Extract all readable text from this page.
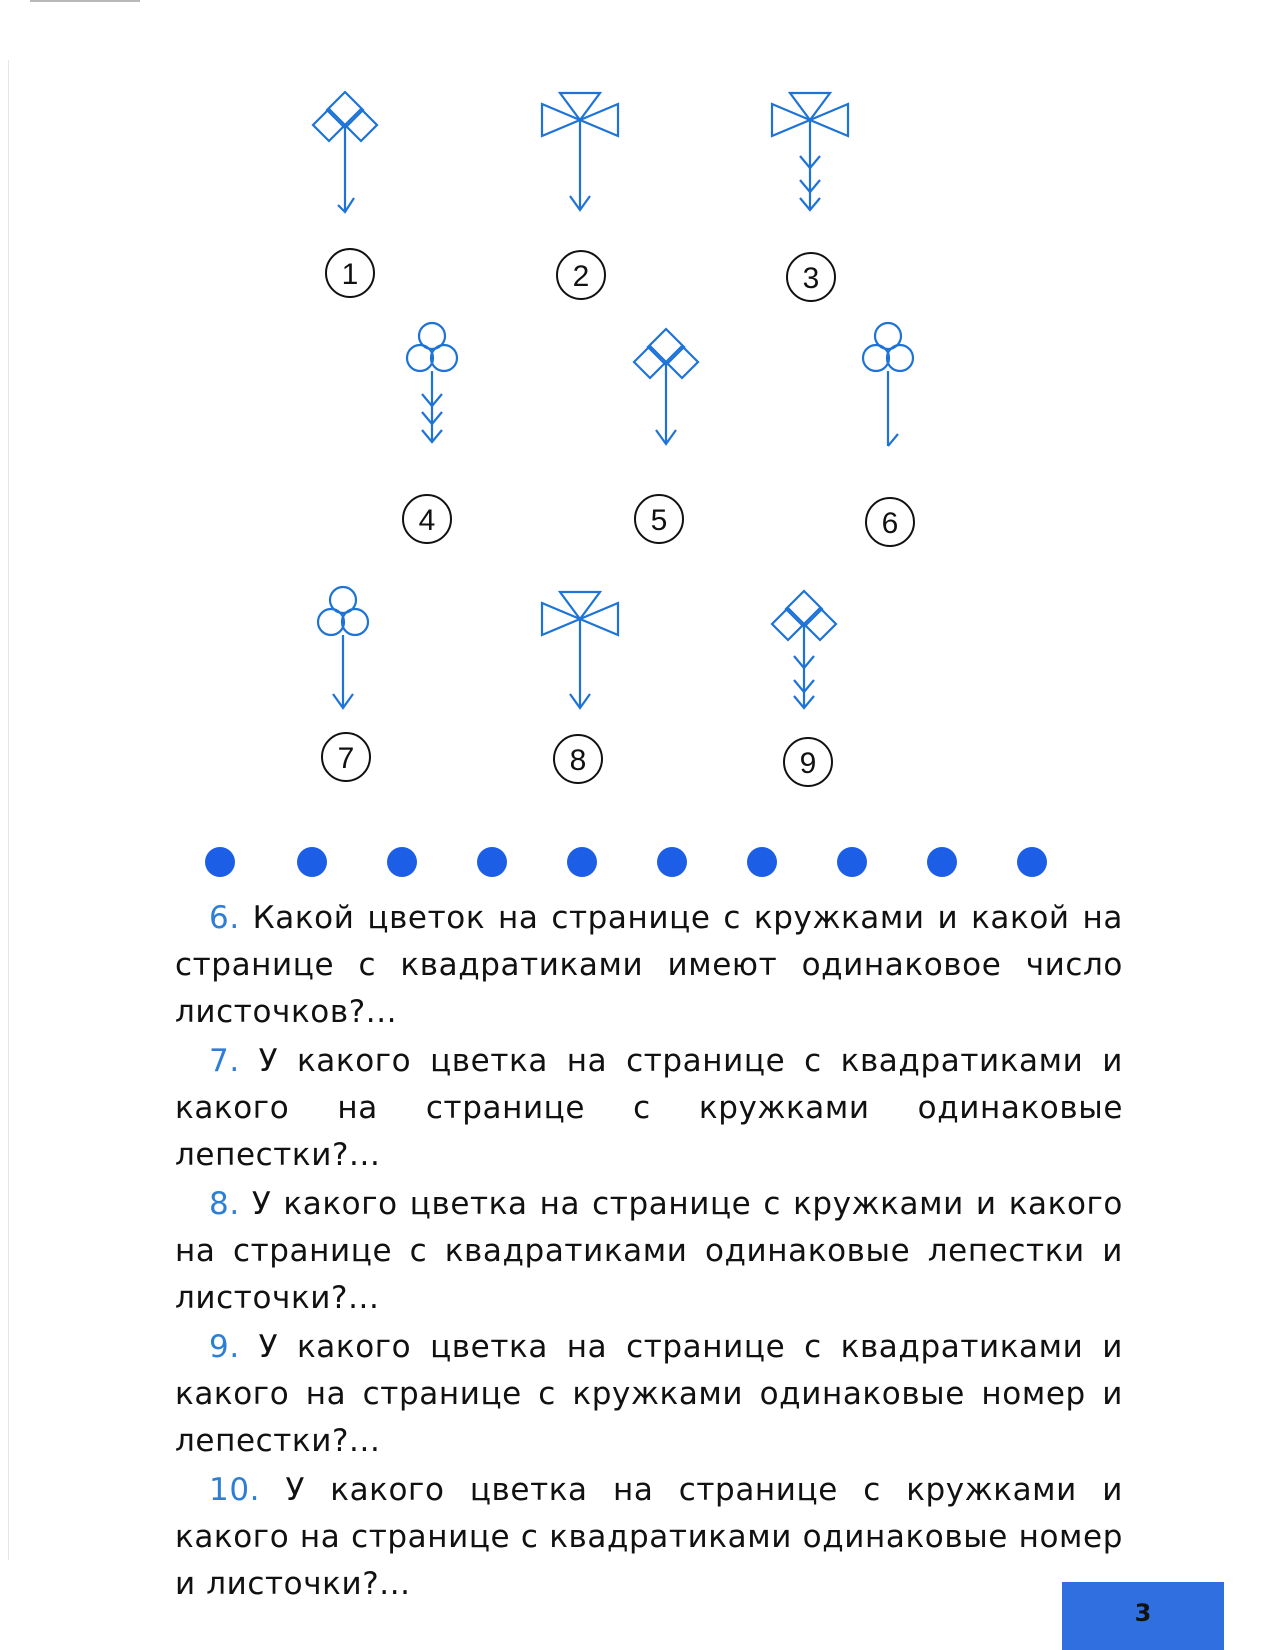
1	2	3
4	5	6
7	8	9

6. Какой цветок на странице с кружками и какой на странице с квадратиками имеют одинаковое число листочков?...

7. У какого цветка на странице с квадратиками и какого на странице с кружками одинаковые лепестки?...

8. У какого цветка на странице с кружками и какого на странице с квадратиками одинаковые лепестки и листочки?...

9. У какого цветка на странице с квадратиками и какого на странице с кружками одинаковые номер и лепестки?...

10. У какого цветка на странице с кружками и какого на странице с квадратиками одинаковые номер и листочки?...

3
